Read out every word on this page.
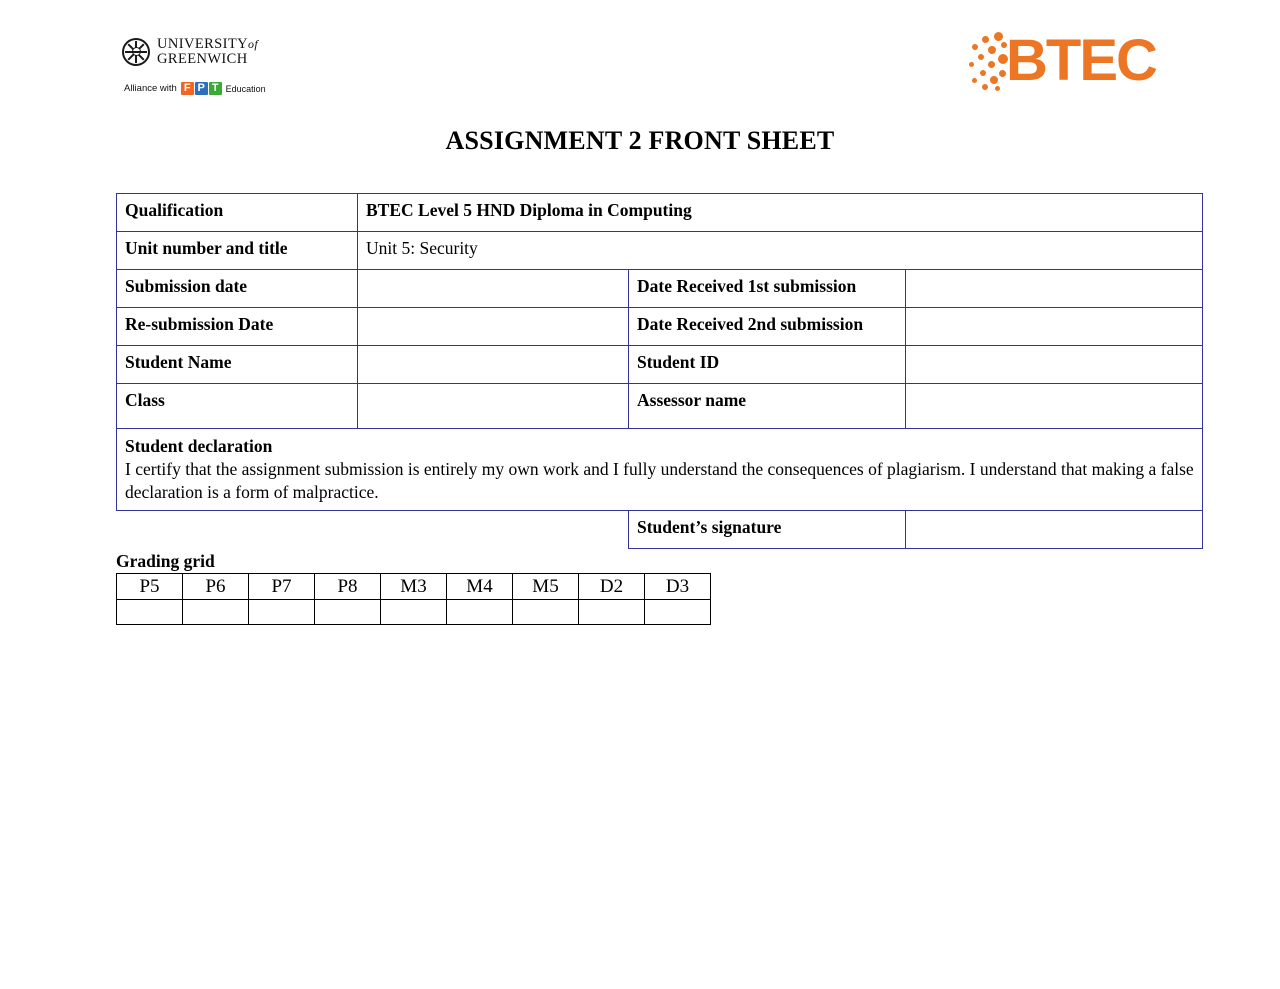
UNIVERSITYof
GREENWICH
Alliance with F P T Education	BTEC
ASSIGNMENT 2 FRONT SHEET
Qualification	BTEC Level 5 HND Diploma in Computing		
Unit number and title	Unit 5: Security		
Submission date		Date Received 1st submission	
Re-submission Date		Date Received 2nd submission	
Student Name		Student ID	
Class		Assessor name	

Student declaration
I certify that the assignment submission is entirely my own work and I fully understand the consequences of plagiarism. I understand that making a false declaration is a form of malpractice.			

		Student’s signature	
Grading grid
P5	P6	P7	P8	M3	M4	M5	D2	D3
